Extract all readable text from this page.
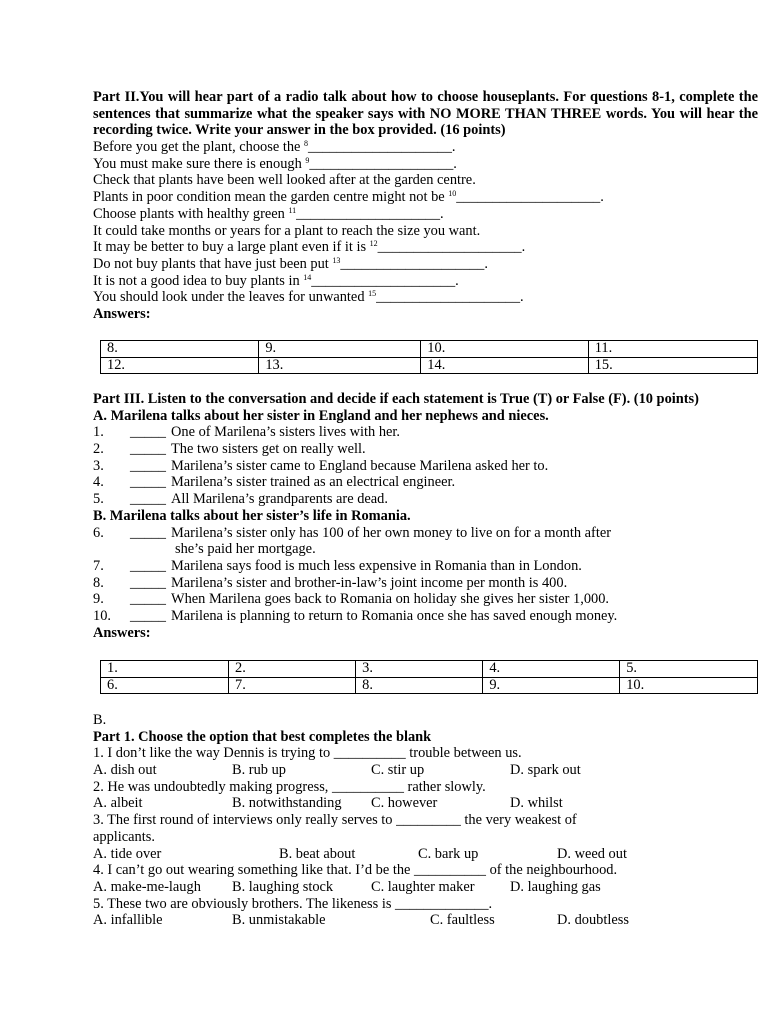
Part II.You will hear part of a radio talk about how to choose houseplants. For questions 8-1, complete the sentences that summarize what the speaker says with NO MORE THAN THREE words. You will hear the recording twice. Write your answer in the box provided. (16 points)
Before you get the plant, choose the $^8$____________________.
You must make sure there is enough $^9$____________________.
Check that plants have been well looked after at the garden centre.
Plants in poor condition mean the garden centre might not be $^{10}$____________________.
Choose plants with healthy green $^{11}$____________________.
It could take months or years for a plant to reach the size you want.
It may be better to buy a large plant even if it is $^{12}$____________________.
Do not buy plants that have just been put $^{13}$____________________.
It is not a good idea to buy plants in $^{14}$____________________.
You should look under the leaves for unwanted $^{15}$____________________.
Answers:
8.	9.	10.	11.
12.	13.	14.	15.
Part III. Listen to the conversation and decide if each statement is True (T) or False (F). (10 points)
A. Marilena talks about her sister in England and her nephews and nieces.
1. _____ One of Marilena’s sisters lives with her.
2. _____ The two sisters get on really well.
3. _____ Marilena’s sister came to England because Marilena asked her to.
4. _____ Marilena’s sister trained as an electrical engineer.
5. _____ All Marilena’s grandparents are dead.
B. Marilena talks about her sister’s life in Romania.
6. _____ Marilena’s sister only has 100 of her own money to live on for a month after
she’s paid her mortgage.
7. _____ Marilena says food is much less expensive in Romania than in London.
8. _____ Marilena’s sister and brother-in-law’s joint income per month is 400.
9. _____ When Marilena goes back to Romania on holiday she gives her sister 1,000.
10. _____ Marilena is planning to return to Romania once she has saved enough money.
Answers:
1.	2.	3.	4.	5.
6.	7.	8.	9.	10.
B.
Part 1. Choose the option that best completes the blank
1. I don’t like the way Dennis is trying to __________ trouble between us.
A. dish out	B. rub up	C. stir up	D. spark out
2. He was undoubtedly making progress, __________ rather slowly.
A. albeit	B. notwithstanding C. however	D. whilst
3. The first round of interviews only really serves to _________ the very weakest of
applicants.
A. tide over	B. beat about	C. bark up	D. weed out
4. I can’t go out wearing something like that. I’d be the __________ of the neighbourhood.
A. make-me-laugh B. laughing stock	C. laughter maker D. laughing gas
5. These two are obviously brothers. The likeness is _____________.
A. infallible	B. unmistakable	C. faultless	D. doubtless
